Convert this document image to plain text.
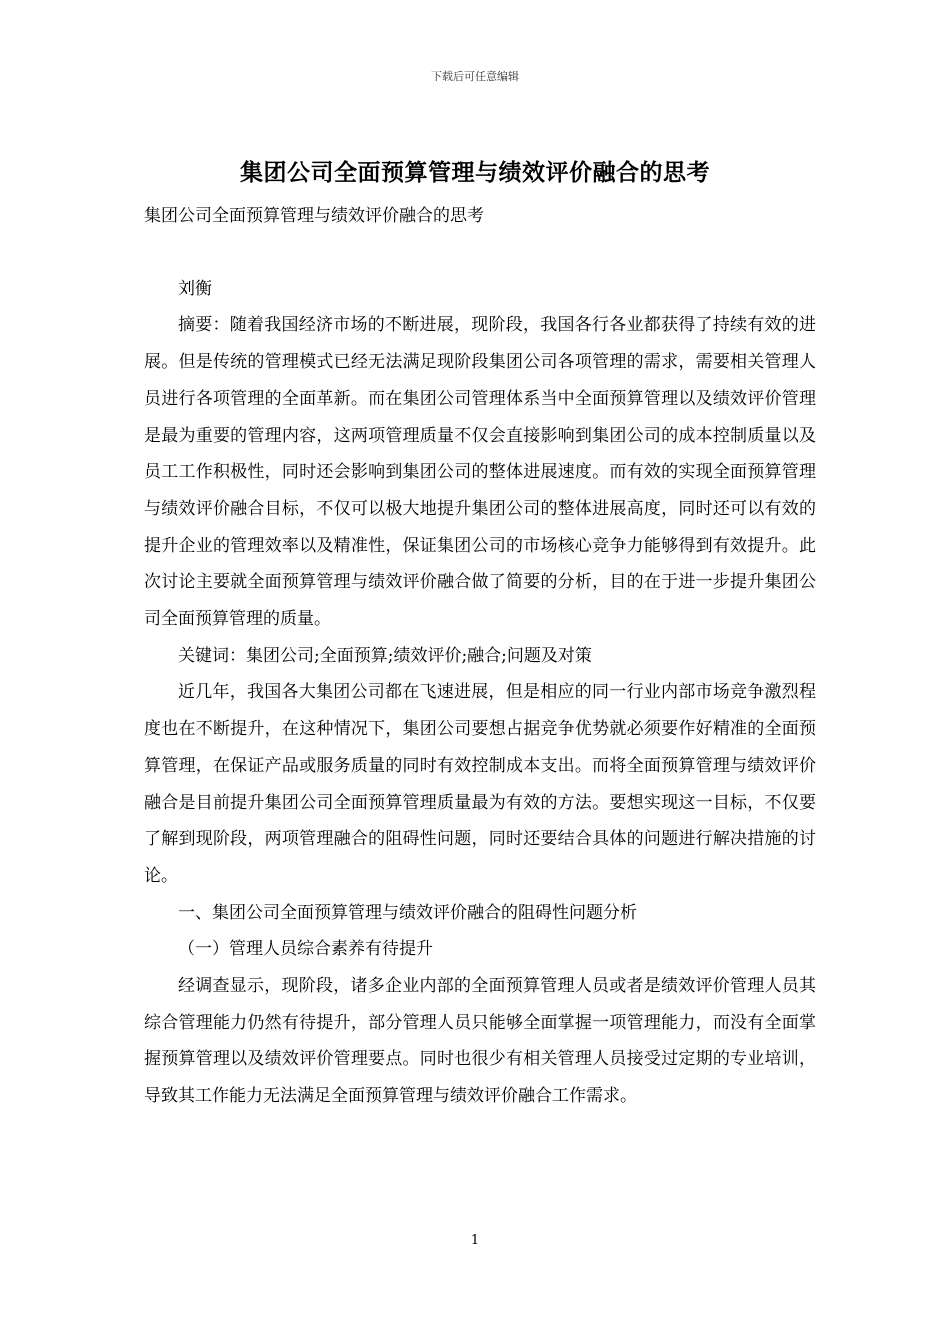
下载后可任意编辑
集团公司全面预算管理与绩效评价融合的思考

集团公司全面预算管理与绩效评价融合的思考

刘衡

摘要：随着我国经济市场的不断进展，现阶段，我国各行各业都获得了持续有效的进展。但是传统的管理模式已经无法满足现阶段集团公司各项管理的需求，需要相关管理人员进行各项管理的全面革新。而在集团公司管理体系当中全面预算管理以及绩效评价管理是最为重要的管理内容，这两项管理质量不仅会直接影响到集团公司的成本控制质量以及员工工作积极性，同时还会影响到集团公司的整体进展速度。而有效的实现全面预算管理与绩效评价融合目标，不仅可以极大地提升集团公司的整体进展高度，同时还可以有效的提升企业的管理效率以及精准性，保证集团公司的市场核心竞争力能够得到有效提升。此次讨论主要就全面预算管理与绩效评价融合做了简要的分析，目的在于进一步提升集团公司全面预算管理的质量。

关键词：集团公司;全面预算;绩效评价;融合;问题及对策

近几年，我国各大集团公司都在飞速进展，但是相应的同一行业内部市场竞争激烈程度也在不断提升，在这种情况下，集团公司要想占据竞争优势就必须要作好精准的全面预算管理，在保证产品或服务质量的同时有效控制成本支出。而将全面预算管理与绩效评价融合是目前提升集团公司全面预算管理质量最为有效的方法。要想实现这一目标，不仅要了解到现阶段，两项管理融合的阻碍性问题，同时还要结合具体的问题进行解决措施的讨论。

一、集团公司全面预算管理与绩效评价融合的阻碍性问题分析

（一）管理人员综合素养有待提升

经调查显示，现阶段，诸多企业内部的全面预算管理人员或者是绩效评价管理人员其综合管理能力仍然有待提升，部分管理人员只能够全面掌握一项管理能力，而没有全面掌握预算管理以及绩效评价管理要点。同时也很少有相关管理人员接受过定期的专业培训，导致其工作能力无法满足全面预算管理与绩效评价融合工作需求。

1
